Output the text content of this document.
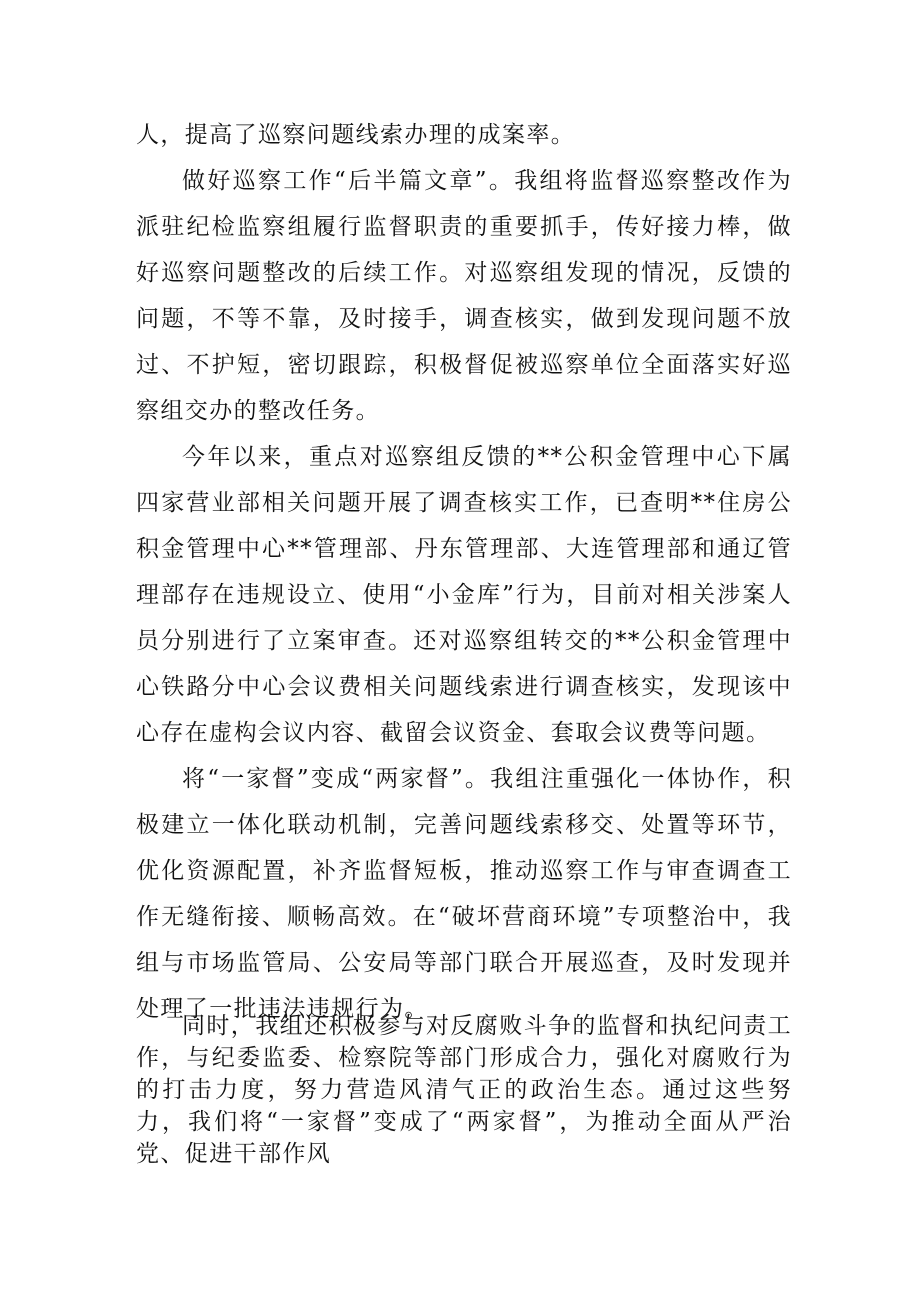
人，提高了巡察问题线索办理的成案率。

做好巡察工作“后半篇文章”。我组将监督巡察整改作为派驻纪检监察组履行监督职责的重要抓手，传好接力棒，做好巡察问题整改的后续工作。对巡察组发现的情况，反馈的问题，不等不靠，及时接手，调查核实，做到发现问题不放过、不护短，密切跟踪，积极督促被巡察单位全面落实好巡察组交办的整改任务。

今年以来，重点对巡察组反馈的**公积金管理中心下属四家营业部相关问题开展了调查核实工作，已查明**住房公积金管理中心**管理部、丹东管理部、大连管理部和通辽管理部存在违规设立、使用“小金库”行为，目前对相关涉案人员分别进行了立案审查。还对巡察组转交的**公积金管理中心铁路分中心会议费相关问题线索进行调查核实，发现该中心存在虚构会议内容、截留会议资金、套取会议费等问题。

将“一家督”变成“两家督”。我组注重强化一体协作，积极建立一体化联动机制，完善问题线索移交、处置等环节，优化资源配置，补齐监督短板，推动巡察工作与审查调查工作无缝衔接、顺畅高效。在“破坏营商环境”专项整治中，我组与市场监管局、公安局等部门联合开展巡查，及时发现并处理了一批违法违规行为。

同时，我组还积极参与对反腐败斗争的监督和执纪问责工作，与纪委监委、检察院等部门形成合力，强化对腐败行为的打击力度，努力营造风清气正的政治生态。通过这些努力，我们将“一家督”变成了“两家督”，为推动全面从严治党、促进干部作风
